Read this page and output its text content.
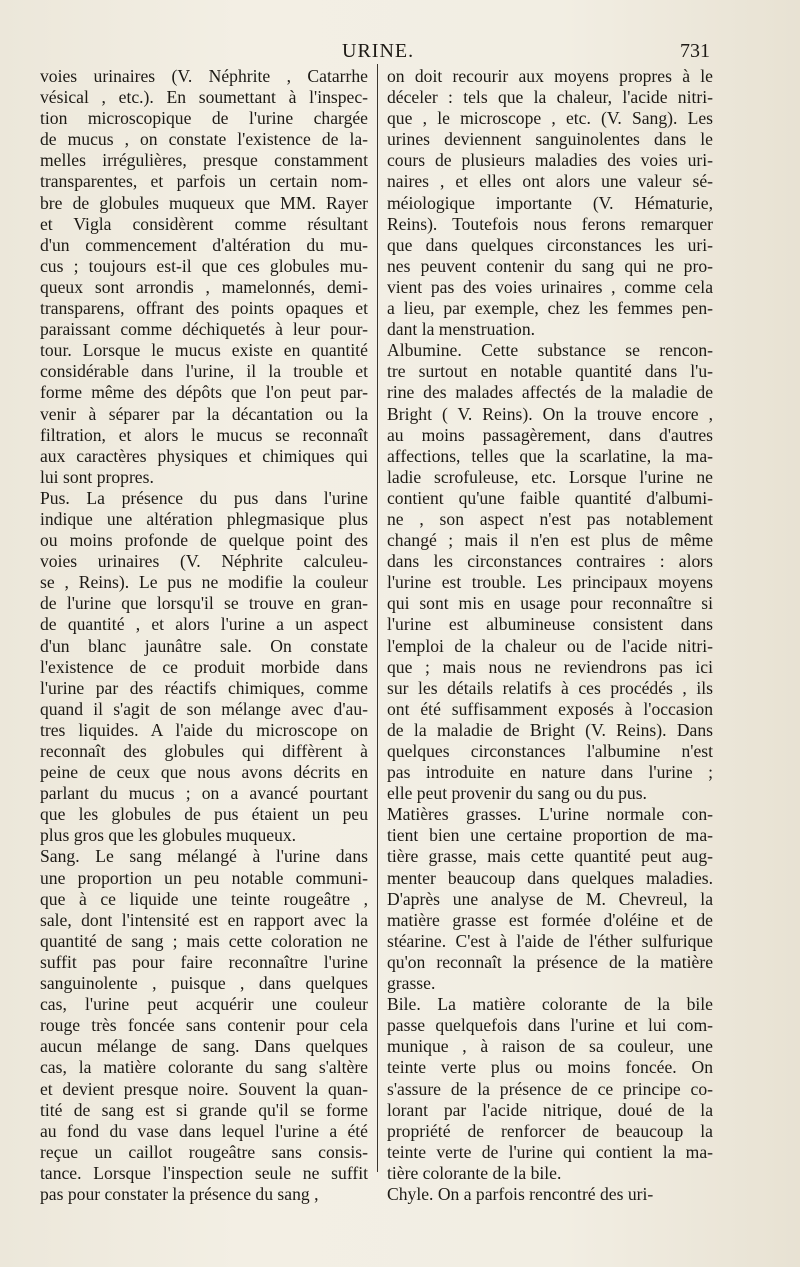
URINE.	731
voies urinaires (V. Néphrite , Catarrhe
vésical , etc.). En soumettant à l'inspec-
tion microscopique de l'urine chargée
de mucus , on constate l'existence de la-
melles irrégulières, presque constamment
transparentes, et parfois un certain nom-
bre de globules muqueux que MM. Rayer
et Vigla considèrent comme résultant
d'un commencement d'altération du mu-
cus ; toujours est-il que ces globules mu-
queux sont arrondis , mamelonnés, demi-
transparens, offrant des points opaques et
paraissant comme déchiquetés à leur pour-
tour. Lorsque le mucus existe en quantité
considérable dans l'urine, il la trouble et
forme même des dépôts que l'on peut par-
venir à séparer par la décantation ou la
filtration, et alors le mucus se reconnaît
aux caractères physiques et chimiques qui
lui sont propres.
Pus. La présence du pus dans l'urine
indique une altération phlegmasique plus
ou moins profonde de quelque point des
voies urinaires (V. Néphrite calculeu-
se , Reins). Le pus ne modifie la couleur
de l'urine que lorsqu'il se trouve en gran-
de quantité , et alors l'urine a un aspect
d'un blanc jaunâtre sale. On constate
l'existence de ce produit morbide dans
l'urine par des réactifs chimiques, comme
quand il s'agit de son mélange avec d'au-
tres liquides. A l'aide du microscope on
reconnaît des globules qui diffèrent à
peine de ceux que nous avons décrits en
parlant du mucus ; on a avancé pourtant
que les globules de pus étaient un peu
plus gros que les globules muqueux.
Sang. Le sang mélangé à l'urine dans
une proportion un peu notable communi-
que à ce liquide une teinte rougeâtre ,
sale, dont l'intensité est en rapport avec la
quantité de sang ; mais cette coloration ne
suffit pas pour faire reconnaître l'urine
sanguinolente , puisque , dans quelques
cas, l'urine peut acquérir une couleur
rouge très foncée sans contenir pour cela
aucun mélange de sang. Dans quelques
cas, la matière colorante du sang s'altère
et devient presque noire. Souvent la quan-
tité de sang est si grande qu'il se forme
au fond du vase dans lequel l'urine a été
reçue un caillot rougeâtre sans consis-
tance. Lorsque l'inspection seule ne suffit
pas pour constater la présence du sang ,
on doit recourir aux moyens propres à le
déceler : tels que la chaleur, l'acide nitri-
que , le microscope , etc. (V. Sang). Les
urines deviennent sanguinolentes dans le
cours de plusieurs maladies des voies uri-
naires , et elles ont alors une valeur sé-
méiologique importante (V. Hématurie,
Reins). Toutefois nous ferons remarquer
que dans quelques circonstances les uri-
nes peuvent contenir du sang qui ne pro-
vient pas des voies urinaires , comme cela
a lieu, par exemple, chez les femmes pen-
dant la menstruation.
Albumine. Cette substance se rencon-
tre surtout en notable quantité dans l'u-
rine des malades affectés de la maladie de
Bright ( V. Reins). On la trouve encore ,
au moins passagèrement, dans d'autres
affections, telles que la scarlatine, la ma-
ladie scrofuleuse, etc. Lorsque l'urine ne
contient qu'une faible quantité d'albumi-
ne , son aspect n'est pas notablement
changé ; mais il n'en est plus de même
dans les circonstances contraires : alors
l'urine est trouble. Les principaux moyens
qui sont mis en usage pour reconnaître si
l'urine est albumineuse consistent dans
l'emploi de la chaleur ou de l'acide nitri-
que ; mais nous ne reviendrons pas ici
sur les détails relatifs à ces procédés , ils
ont été suffisamment exposés à l'occasion
de la maladie de Bright (V. Reins). Dans
quelques circonstances l'albumine n'est
pas introduite en nature dans l'urine ;
elle peut provenir du sang ou du pus.
Matières grasses. L'urine normale con-
tient bien une certaine proportion de ma-
tière grasse, mais cette quantité peut aug-
menter beaucoup dans quelques maladies.
D'après une analyse de M. Chevreul, la
matière grasse est formée d'oléine et de
stéarine. C'est à l'aide de l'éther sulfurique
qu'on reconnaît la présence de la matière
grasse.
Bile. La matière colorante de la bile
passe quelquefois dans l'urine et lui com-
munique , à raison de sa couleur, une
teinte verte plus ou moins foncée. On
s'assure de la présence de ce principe co-
lorant par l'acide nitrique, doué de la
propriété de renforcer de beaucoup la
teinte verte de l'urine qui contient la ma-
tière colorante de la bile.
Chyle. On a parfois rencontré des uri-
